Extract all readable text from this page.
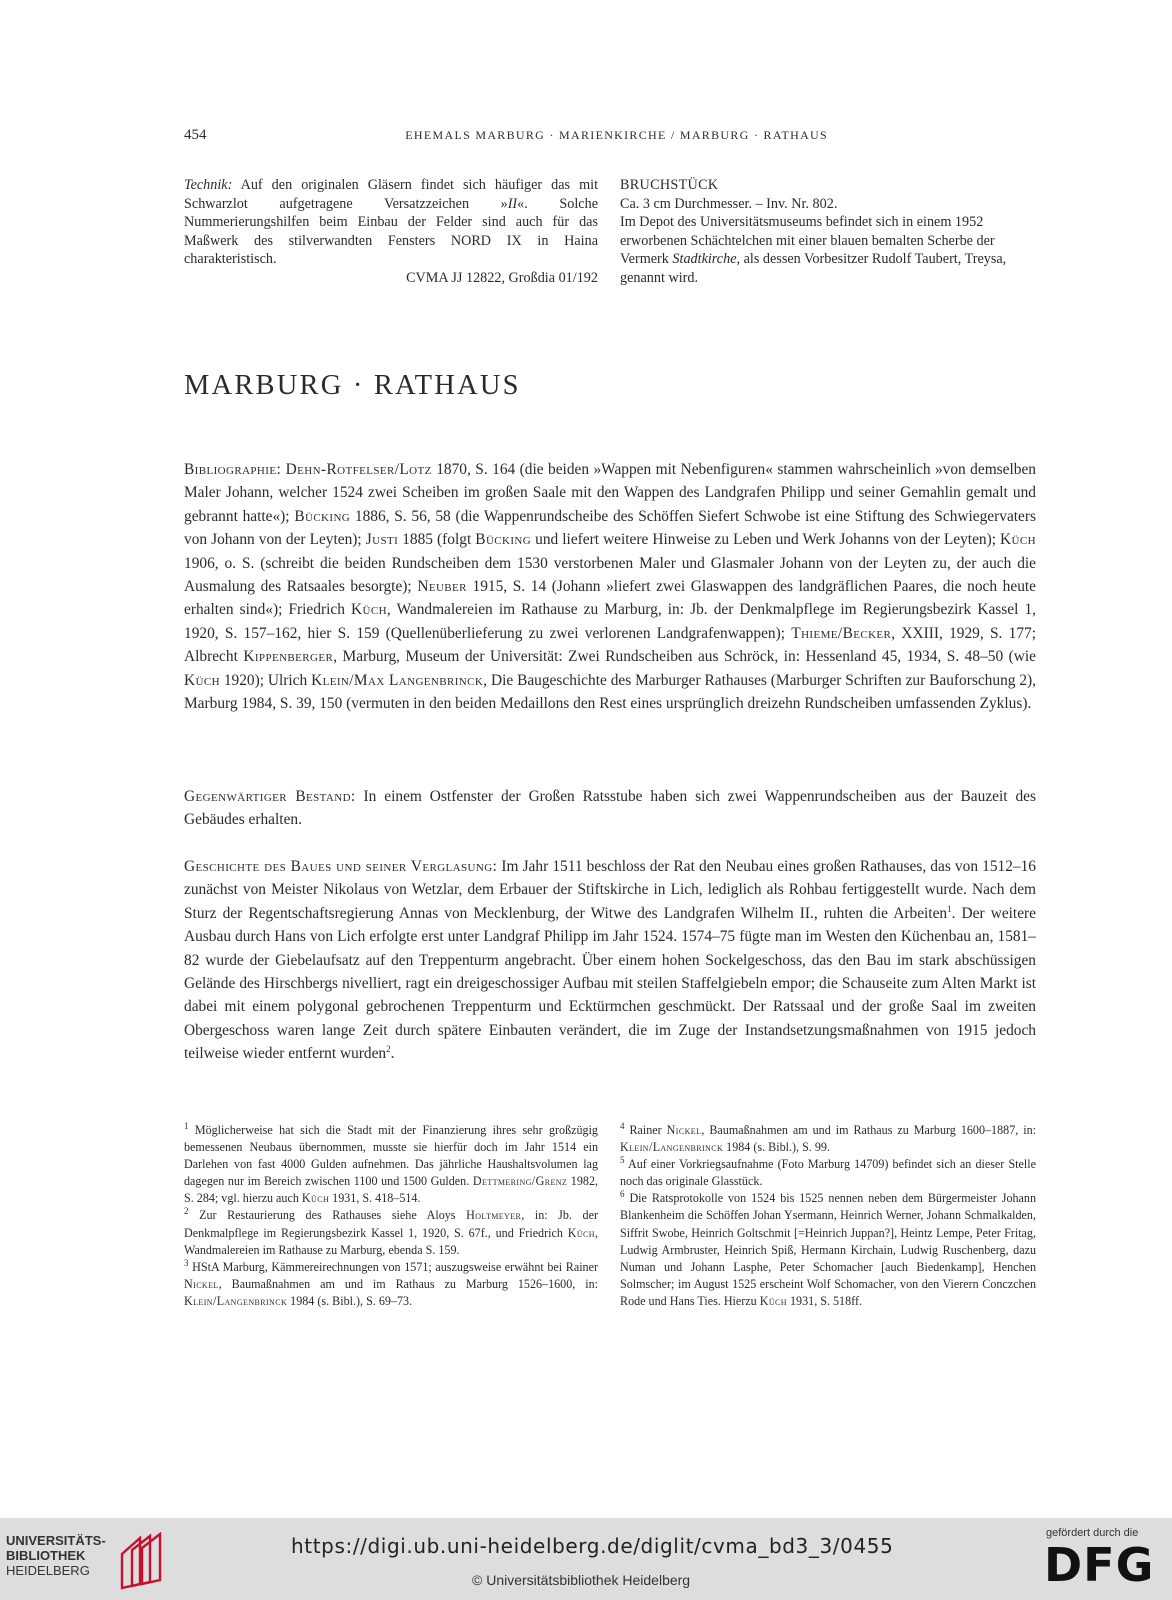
454	EHEMALS MARBURG · MARIENKIRCHE / MARBURG · RATHAUS
Technik: Auf den originalen Gläsern findet sich häufiger das mit Schwarzlot aufgetragene Versatzzeichen »II«. Solche Nummerierungshilfen beim Einbau der Felder sind auch für das Maßwerk des stilverwandten Fensters NORD IX in Haina charakteristisch.
CVMA JJ 12822, Großdia 01/192
BRUCHSTÜCK
Ca. 3 cm Durchmesser. – Inv. Nr. 802.
Im Depot des Universitätsmuseums befindet sich in einem 1952 erworbenen Schächtelchen mit einer blauen bemalten Scherbe der Vermerk Stadtkirche, als dessen Vorbesitzer Rudolf Taubert, Treysa, genannt wird.
MARBURG · RATHAUS
Bibliographie: Dehn-Rotfelser/Lotz 1870, S. 164 (die beiden »Wappen mit Nebenfiguren« stammen wahrscheinlich »von demselben Maler Johann, welcher 1524 zwei Scheiben im großen Saale mit den Wappen des Landgrafen Philipp und seiner Gemahlin gemalt und gebrannt hatte«); Bücking 1886, S. 56, 58 (die Wappenrundscheibe des Schöffen Siefert Schwobe ist eine Stiftung des Schwiegervaters von Johann von der Leyten); Justi 1885 (folgt Bücking und liefert weitere Hinweise zu Leben und Werk Johanns von der Leyten); Küch 1906, o. S. (schreibt die beiden Rundscheiben dem 1530 verstorbenen Maler und Glasmaler Johann von der Leyten zu, der auch die Ausmalung des Ratsaales besorgte); Neuber 1915, S. 14 (Johann »liefert zwei Glaswappen des landgräflichen Paares, die noch heute erhalten sind«); Friedrich Küch, Wandmalereien im Rathause zu Marburg, in: Jb. der Denkmalpflege im Regierungsbezirk Kassel 1, 1920, S. 157–162, hier S. 159 (Quellenüberlieferung zu zwei verlorenen Landgrafenwappen); Thieme/Becker, XXIII, 1929, S. 177; Albrecht Kippenberger, Marburg, Museum der Universität: Zwei Rundscheiben aus Schröck, in: Hessenland 45, 1934, S. 48–50 (wie Küch 1920); Ulrich Klein/Max Langenbrinck, Die Baugeschichte des Marburger Rathauses (Marburger Schriften zur Bauforschung 2), Marburg 1984, S. 39, 150 (vermuten in den beiden Medaillons den Rest eines ursprünglich dreizehn Rundscheiben umfassenden Zyklus).
Gegenwärtiger Bestand: In einem Ostfenster der Großen Ratsstube haben sich zwei Wappenrundscheiben aus der Bauzeit des Gebäudes erhalten.
Geschichte des Baues und seiner Verglasung: Im Jahr 1511 beschloss der Rat den Neubau eines großen Rathauses, das von 1512–16 zunächst von Meister Nikolaus von Wetzlar, dem Erbauer der Stiftskirche in Lich, lediglich als Rohbau fertiggestellt wurde. Nach dem Sturz der Regentschaftsregierung Annas von Mecklenburg, der Witwe des Landgrafen Wilhelm II., ruhten die Arbeiten$^1$. Der weitere Ausbau durch Hans von Lich erfolgte erst unter Landgraf Philipp im Jahr 1524. 1574–75 fügte man im Westen den Küchenbau an, 1581–82 wurde der Giebelaufsatz auf den Treppenturm angebracht. Über einem hohen Sockelgeschoss, das den Bau im stark abschüssigen Gelände des Hirschbergs nivelliert, ragt ein dreigeschossiger Aufbau mit steilen Staffelgiebeln empor; die Schauseite zum Alten Markt ist dabei mit einem polygonal gebrochenen Treppenturm und Ecktürmchen geschmückt. Der Ratssaal und der große Saal im zweiten Obergeschoss waren lange Zeit durch spätere Einbauten verändert, die im Zuge der Instandsetzungsmaßnahmen von 1915 jedoch teilweise wieder entfernt wurden$^2$.

$^1$ Möglicherweise hat sich die Stadt mit der Finanzierung ihres sehr großzügig bemessenen Neubaus übernommen, musste sie hierfür doch im Jahr 1514 ein Darlehen von fast 4000 Gulden aufnehmen. Das jährliche Haushaltsvolumen lag dagegen nur im Bereich zwischen 1100 und 1500 Gulden. Dettmering/Grenz 1982, S. 284; vgl. hierzu auch Küch 1931, S. 418–514.

$^2$ Zur Restaurierung des Rathauses siehe Aloys Holtmeyer, in: Jb. der Denkmalpflege im Regierungsbezirk Kassel 1, 1920, S. 67f., und Friedrich Küch, Wandmalereien im Rathause zu Marburg, ebenda S. 159.

$^3$ HStA Marburg, Kämmereirechnungen von 1571; auszugsweise erwähnt bei Rainer Nickel, Baumaßnahmen am und im Rathaus zu Marburg 1526–1600, in: Klein/Langenbrinck 1984 (s. Bibl.), S. 69–73.

$^4$ Rainer Nickel, Baumaßnahmen am und im Rathaus zu Marburg 1600–1887, in: Klein/Langenbrinck 1984 (s. Bibl.), S. 99.

$^5$ Auf einer Vorkriegsaufnahme (Foto Marburg 14709) befindet sich an dieser Stelle noch das originale Glasstück.

$^6$ Die Ratsprotokolle von 1524 bis 1525 nennen neben dem Bürgermeister Johann Blankenheim die Schöffen Johan Ysermann, Heinrich Werner, Johann Schmalkalden, Siffrit Swobe, Heinrich Goltschmit [=Heinrich Juppan?], Heintz Lempe, Peter Fritag, Ludwig Armbruster, Heinrich Spiß, Hermann Kirchain, Ludwig Ruschenberg, dazu Numan und Johann Lasphe, Peter Schomacher [auch Biedenkamp], Henchen Solmscher; im August 1525 erscheint Wolf Schomacher, von den Vierern Conczchen Rode und Hans Ties. Hierzu Küch 1931, S. 518ff.

UNIVERSITÄTS-
BIBLIOTHEK
HEIDELBERG
https://digi.ub.uni-heidelberg.de/diglit/cvma_bd3_3/0455
© Universitätsbibliothek Heidelberg
gefördert durch die
DFG
